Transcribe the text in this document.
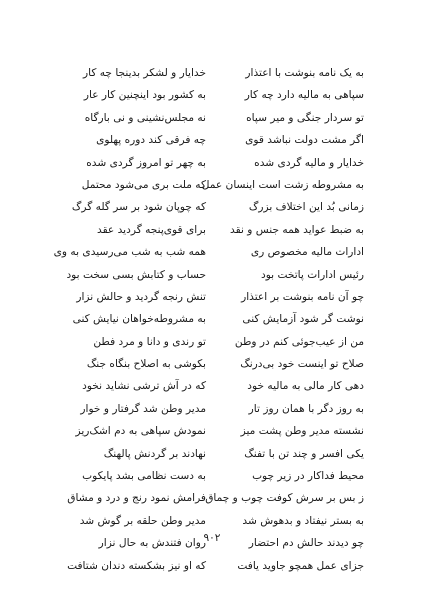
به یک نامه بنوشت با اعتذار
خدایار و لشکر بدینجا چه کار
سپاهی به مالیه دارد چه کار
به کشور بود اینچنین کار عار
تو سردار جنگی و میر سپاه
نه مجلس‌نشینی و نی بارگاه
اگر مشت دولت نباشد قوی
چه فرقی کند دوره پهلوی
خدایار و مالیه گردی شده
به چهر تو امروز گردی شده
به مشروطه زشت است اینسان عمل
که ملت بری می‌شود محتمل
زمانی بُد این اختلاف بزرگ
که چوپان شود بر سر گله گرگ
به ضبط عواید همه جنس و نقد
برای قوی‌پنجه گردید عقد
ادارات مالیه مخصوص ری
همه شب به شب می‌رسیدی به وی
رئیس ادارات پاتخت بود
حساب و کتابش بسی سخت بود
چو آن نامه بنوشت بر اعتذار
تنش رنجه گردید و حالش نزار
نوشت گر شود آزمایش کنی
به مشروطه‌خواهان نیایش کنی
من از عیب‌جوئی کنم در وطن
تو رندی و دانا و مرد فطن
صلاح تو اینست خود بی‌درنگ
بکوشی به اصلاح بنگاه جنگ
دهی کار مالی به مالیه خود
که در آش ترشی نشاید نخود
به روز دگر با همان روز تار
مدیر وطن شد گرفتار و خوار
نشسته مدیر وطن پشت میز
نمودش سپاهی به دم اشک‌ریز
یکی افسر و چند تن با تفنگ
نهادند بر گردنش پالهنگ
محیط فداکار در زیر چوب
به دست نظامی بشد پایکوب
ز بس بر سرش کوفت چوب و چماق
فرامش نمود رنج و درد و مشاق
به بستر نیفتاد و بدهوش شد
مدیر وطن حلقه بر گوش شد
چو دیدند حالش دم احتضار
روان فتندش به حال نزار
جزای عمل همچو جاوید یافت
که او نیز بشکسته دندان شتافت
۹۰۲
